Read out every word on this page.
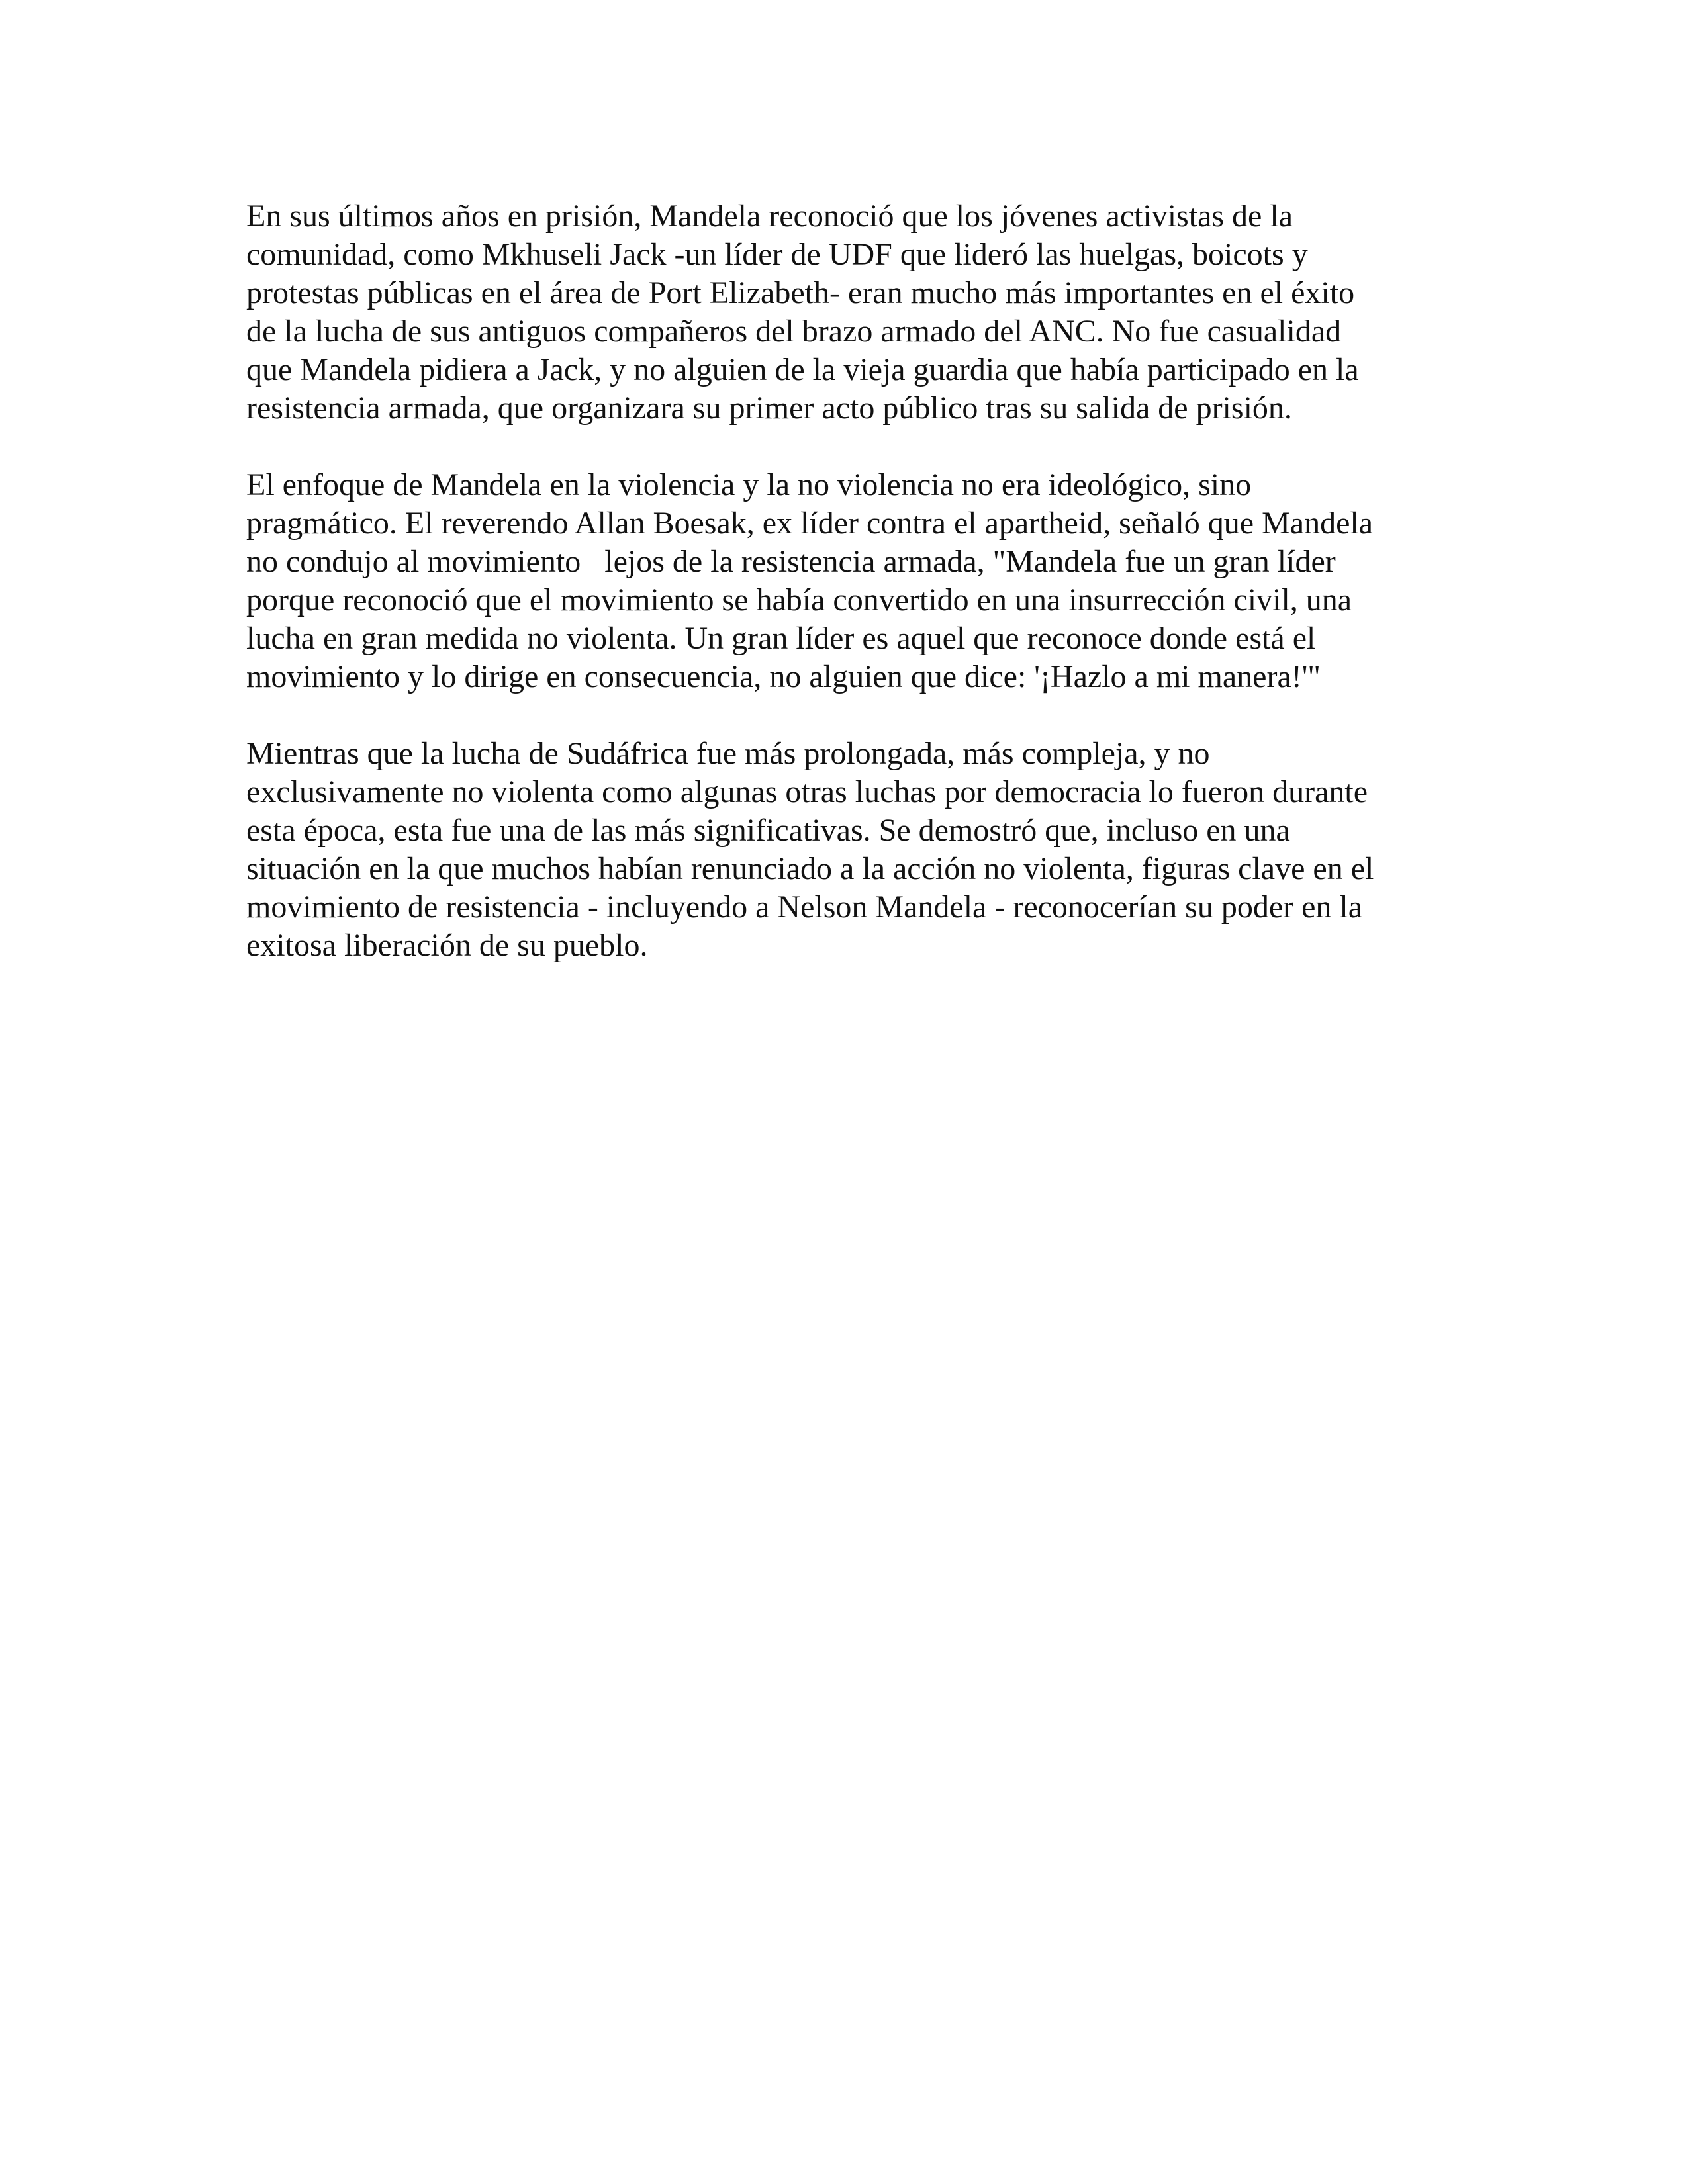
En sus últimos años en prisión, Mandela reconoció que los jóvenes activistas de la
comunidad, como Mkhuseli Jack -un líder de UDF que lideró las huelgas, boicots y
protestas públicas en el área de Port Elizabeth- eran mucho más importantes en el éxito
de la lucha de sus antiguos compañeros del brazo armado del ANC. No fue casualidad
que Mandela pidiera a Jack, y no alguien de la vieja guardia que había participado en la
resistencia armada, que organizara su primer acto público tras su salida de prisión.

El enfoque de Mandela en la violencia y la no violencia no era ideológico, sino
pragmático. El reverendo Allan Boesak, ex líder contra el apartheid, señaló que Mandela
no condujo al movimiento   lejos de la resistencia armada, "Mandela fue un gran líder
porque reconoció que el movimiento se había convertido en una insurrección civil, una
lucha en gran medida no violenta. Un gran líder es aquel que reconoce donde está el
movimiento y lo dirige en consecuencia, no alguien que dice: '¡Hazlo a mi manera!'"

Mientras que la lucha de Sudáfrica fue más prolongada, más compleja, y no
exclusivamente no violenta como algunas otras luchas por democracia lo fueron durante
esta época, esta fue una de las más significativas. Se demostró que, incluso en una
situación en la que muchos habían renunciado a la acción no violenta, figuras clave en el
movimiento de resistencia - incluyendo a Nelson Mandela - reconocerían su poder en la
exitosa liberación de su pueblo.
